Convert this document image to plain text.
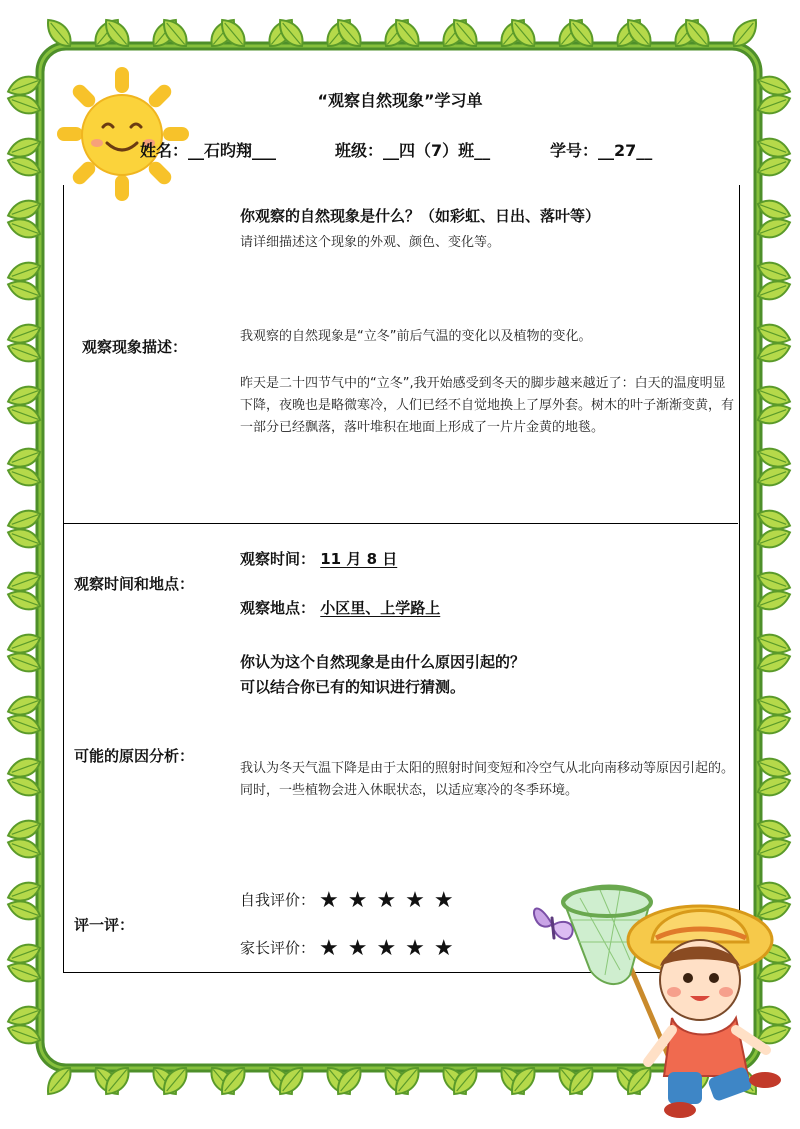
“观察自然现象”学习单
姓名：__石昀翔___	班级：__四（7）班__	学号：__27__
观察现象描述：
你观察的自然现象是什么？（如彩虹、日出、落叶等）
请详细描述这个现象的外观、颜色、变化等。
我观察的自然现象是“立冬”前后气温的变化以及植物的变化。
昨天是二十四节气中的“立冬”,我开始感受到冬天的脚步越来越近了：白天的温度明显下降，夜晚也是略微寒冷，人们已经不自觉地换上了厚外套。树木的叶子渐渐变黄，有一部分已经飘落，落叶堆积在地面上形成了一片片金黄的地毯。
观察时间和地点：
观察时间： 11 月 8 日
观察地点： 小区里、上学路上
你认为这个自然现象是由什么原因引起的？
可以结合你已有的知识进行猜测。
可能的原因分析：
我认为冬天气温下降是由于太阳的照射时间变短和冷空气从北向南移动等原因引起的。同时，一些植物会进入休眠状态，以适应寒冷的冬季环境。
评一评：
自我评价： ★★★★★
家长评价： ★★★★★
